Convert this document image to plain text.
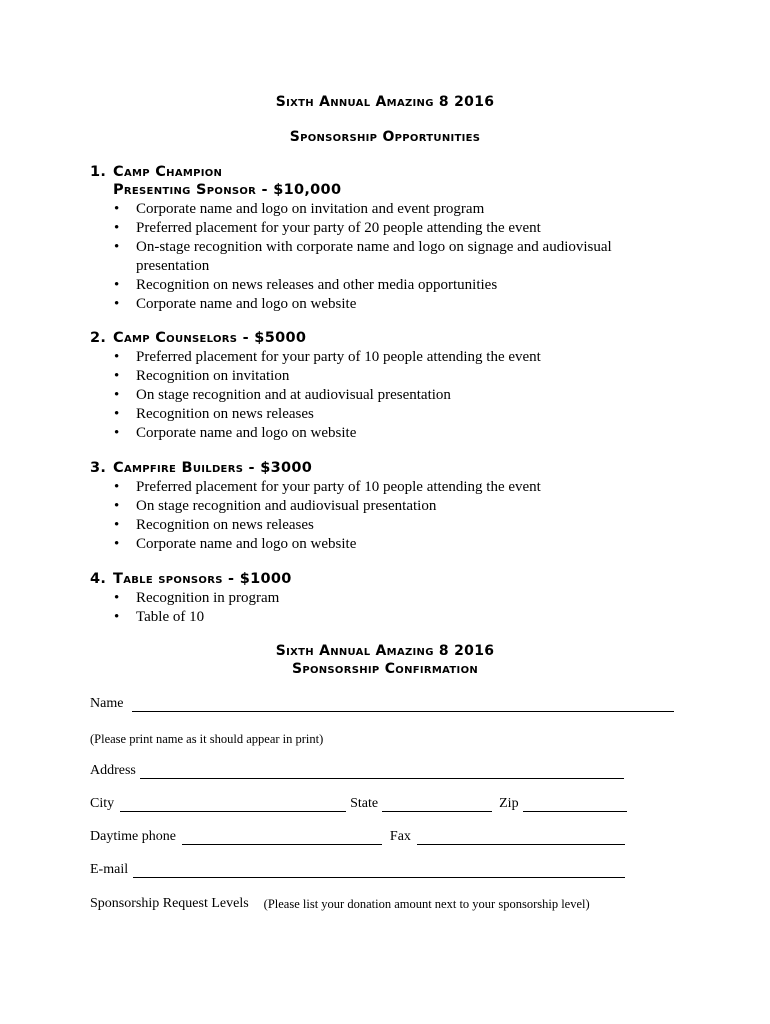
Sixth Annual Amazing 8 2016
Sponsorship Opportunities
1. Camp Champion
Presenting Sponsor - $10,000
•	Corporate name and logo on invitation and event program
•	Preferred placement for your party of 20 people attending the event
•	On-stage recognition with corporate name and logo on signage and audiovisual presentation
•	Recognition on news releases and other media opportunities
•	Corporate name and logo on website
2. Camp Counselors - $5000
•	Preferred placement for your party of 10 people attending the event
•	Recognition on invitation
•	On stage recognition and at audiovisual presentation
•	Recognition on news releases
•	Corporate name and logo on website
3. Campfire Builders - $3000
•	Preferred placement for your party of 10 people attending the event
•	On stage recognition and audiovisual presentation
•	Recognition on news releases
•	Corporate name and logo on website
4. Table sponsors - $1000
•	Recognition in program
•	Table of 10
Sixth Annual Amazing 8 2016
Sponsorship Confirmation
Name
(Please print name as it should appear in print)
Address
City	State	Zip
Daytime phone	Fax
E-mail
Sponsorship Request Levels (Please list your donation amount next to your sponsorship level)
